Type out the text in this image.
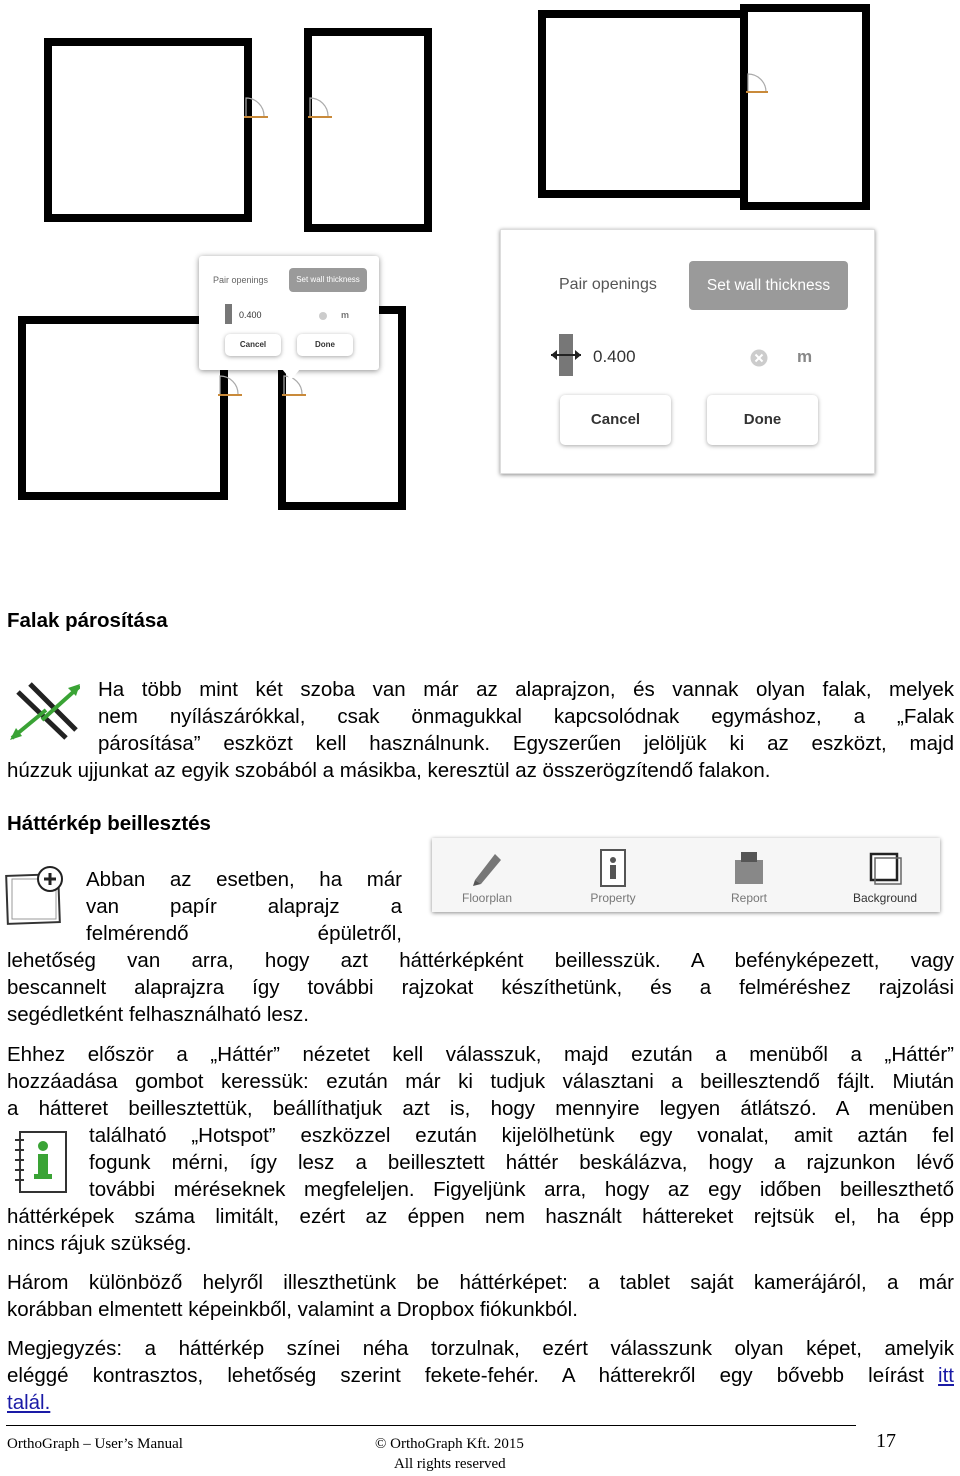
Pair openings	Set wall thickness
0.400	m
Cancel	Done
Pair openings	Set wall thickness
0.400	m
Cancel	Done
Falak párosítása
Ha több mint két szoba van már az alaprajzon, és vannak olyan falak, melyek
nem nyílászárókkal, csak önmagukkal kapcsolódnak egymáshoz, a „Falak
párosítása” eszközt kell használnunk. Egyszerűen jelöljük ki az eszközt, majd
húzzuk ujjunkat az egyik szobából a másikba, keresztül az összerögzítendő falakon.
Háttérkép beillesztés
Abban az esetben, ha már
van papír alaprajz a
felmérendő épületről,
Floorplan	Property	Report	Background
lehetőség van arra, hogy azt háttérképként beillesszük. A befényképezett, vagy
bescannelt alaprajzra így további rajzokat készíthetünk, és a felméréshez rajzolási
segédletként felhasználható lesz.
Ehhez először a „Háttér” nézetet kell válasszuk, majd ezután a menüből a „Háttér”
hozzáadása gombot keressük: ezután már ki tudjuk választani a beillesztendő fájlt. Miután
a hátteret beillesztettük, beállíthatjuk azt is, hogy mennyire legyen átlátszó. A menüben
található „Hotspot” eszközzel ezután kijelölhetünk egy vonalat, amit aztán fel
fogunk mérni, így lesz a beillesztett háttér beskálázva, hogy a rajzunkon lévő
további méréseknek megfeleljen. Figyeljünk arra, hogy az egy időben beilleszthető
háttérképek száma limitált, ezért az éppen nem használt háttereket rejtsük el, ha épp
nincs rájuk szükség.
Három különböző helyről illeszthetünk be háttérképet: a tablet saját kamerájáról, a már
korábban elmentett képeinkből, valamint a Dropbox fiókunkból.
Megjegyzés: a háttérkép színei néha torzulnak, ezért válasszunk olyan képet, amelyik
eléggé kontrasztos, lehetőség szerint fekete-fehér. A hátterekről egy bővebb leírást itt
talál.
OrthoGraph – User’s Manual	© OrthoGraph Kft. 2015
All rights reserved
17
